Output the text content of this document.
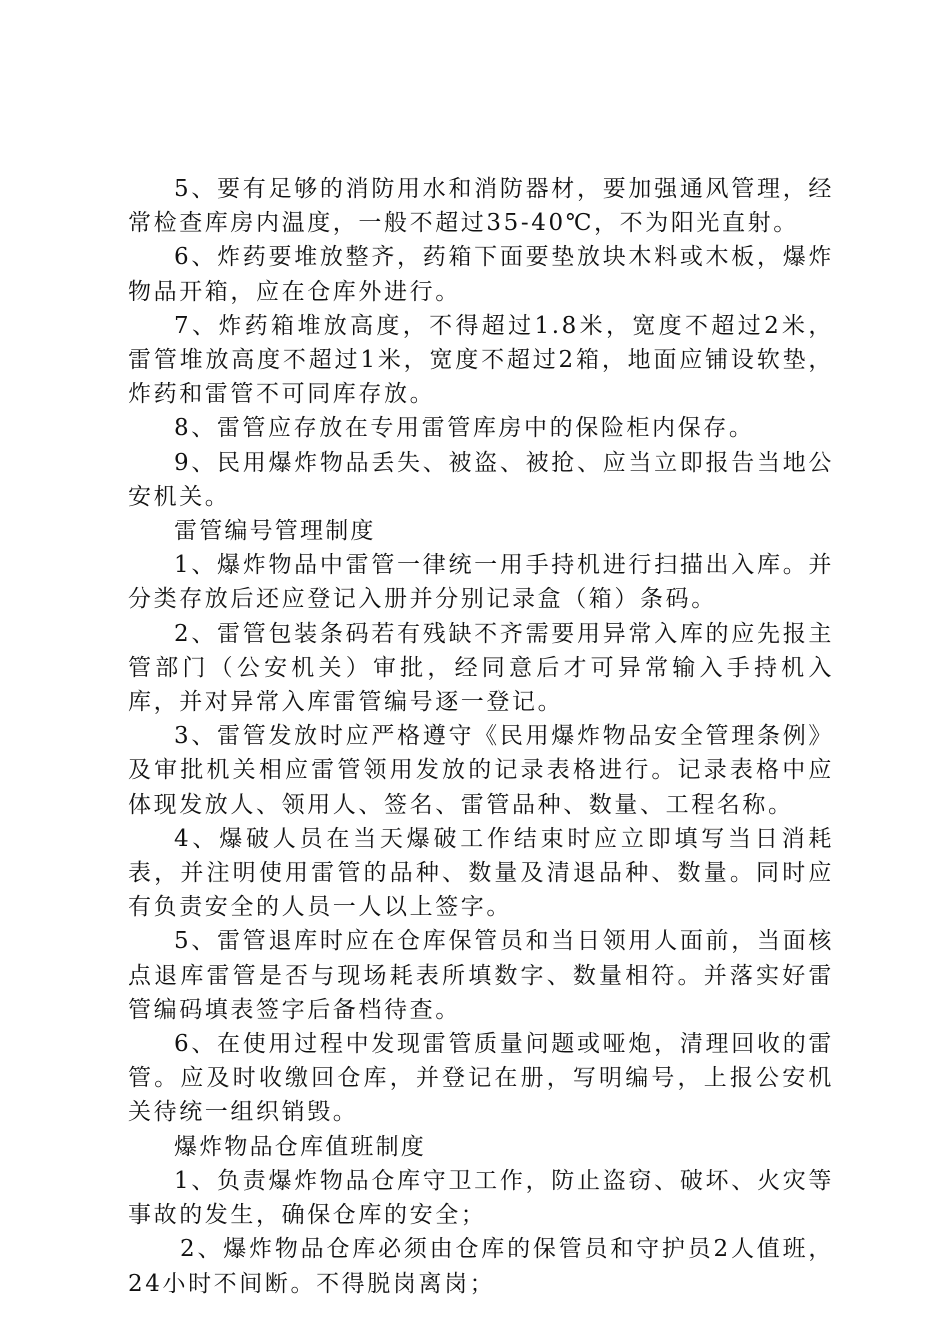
5、要有足够的消防用水和消防器材，要加强通风管理，经常检查库房内温度，一般不超过35-40℃，不为阳光直射。

6、炸药要堆放整齐，药箱下面要垫放块木料或木板，爆炸物品开箱，应在仓库外进行。

7、炸药箱堆放高度，不得超过1.8米，宽度不超过2米，雷管堆放高度不超过1米，宽度不超过2箱，地面应铺设软垫，炸药和雷管不可同库存放。

8、雷管应存放在专用雷管库房中的保险柜内保存。

9、民用爆炸物品丢失、被盗、被抢、应当立即报告当地公安机关。

雷管编号管理制度

1、爆炸物品中雷管一律统一用手持机进行扫描出入库。并分类存放后还应登记入册并分别记录盒（箱）条码。

2、雷管包装条码若有残缺不齐需要用异常入库的应先报主管部门（公安机关）审批，经同意后才可异常输入手持机入库，并对异常入库雷管编号逐一登记。

3、雷管发放时应严格遵守《民用爆炸物品安全管理条例》及审批机关相应雷管领用发放的记录表格进行。记录表格中应体现发放人、领用人、签名、雷管品种、数量、工程名称。

4、爆破人员在当天爆破工作结束时应立即填写当日消耗表，并注明使用雷管的品种、数量及清退品种、数量。同时应有负责安全的人员一人以上签字。

5、雷管退库时应在仓库保管员和当日领用人面前，当面核点退库雷管是否与现场耗表所填数字、数量相符。并落实好雷管编码填表签字后备档待查。

6、在使用过程中发现雷管质量问题或哑炮，清理回收的雷管。应及时收缴回仓库，并登记在册，写明编号，上报公安机关待统一组织销毁。

爆炸物品仓库值班制度

1、负责爆炸物品仓库守卫工作，防止盗窃、破坏、火灾等事故的发生，确保仓库的安全；

2、爆炸物品仓库必须由仓库的保管员和守护员2人值班，24小时不间断。不得脱岗离岗；
